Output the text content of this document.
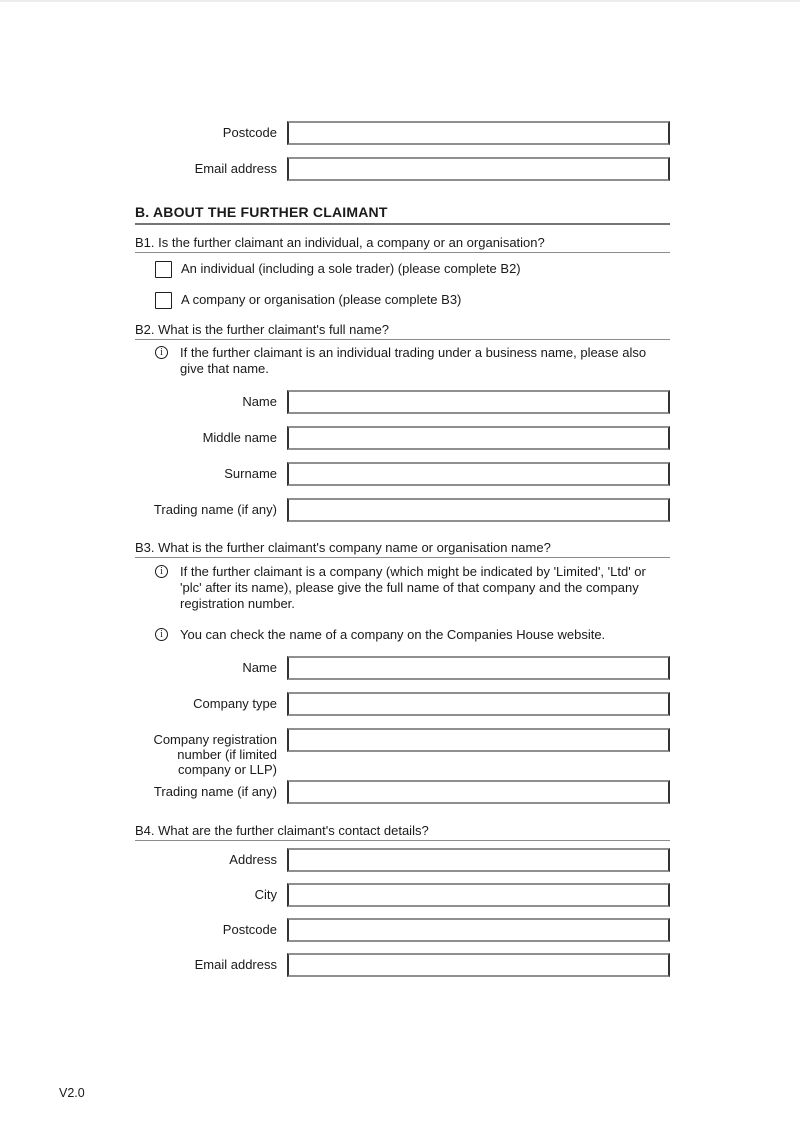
Postcode
Email address
B. ABOUT THE FURTHER CLAIMANT
B1. Is the further claimant an individual, a company or an organisation?
An individual (including a sole trader) (please complete B2)
A company or organisation (please complete B3)
B2. What is the further claimant's full name?
i	If the further claimant is an individual trading under a business name, please also give that name.
Name
Middle name
Surname
Trading name (if any)
B3. What is the further claimant's company name or organisation name?
i	If the further claimant is a company (which might be indicated by 'Limited', 'Ltd' or 'plc' after its name), please give the full name of that company and the company registration number.
i	You can check the name of a company on the Companies House website.
Name
Company type
Company registration number (if limited company or LLP)
Trading name (if any)
B4. What are the further claimant's contact details?
Address
City
Postcode
Email address
V2.0
